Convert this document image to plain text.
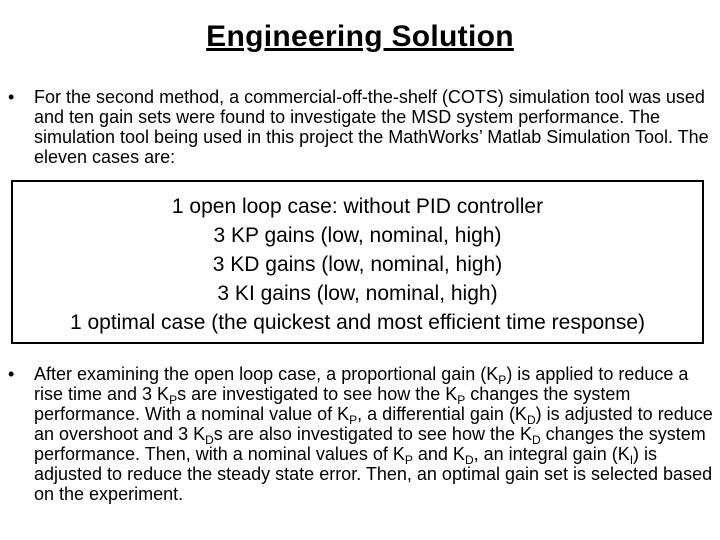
Engineering Solution
• For the second method, a commercial-off-the-shelf (COTS) simulation tool was used and ten gain sets were found to investigate the MSD system performance. The simulation tool being used in this project the MathWorks’ Matlab Simulation Tool. The eleven cases are:
1 open loop case: without PID controller
3 KP gains (low, nominal, high)
3 KD gains (low, nominal, high)
3 KI gains (low, nominal, high)
1 optimal case (the quickest and most efficient time response)
• After examining the open loop case, a proportional gain $(K_P)$ is applied to reduce a rise time and 3 $K_Ps$ are investigated to see how the $K_P$ changes the system performance. With a nominal value of $K_P$, a differential gain $(K_D)$ is adjusted to reduce an overshoot and 3 $K_Ds$ are also investigated to see how the $K_D$ changes the system performance. Then, with a nominal values of $K_P$ and $K_D$, an integral gain $(K_I)$ is adjusted to reduce the steady state error. Then, an optimal gain set is selected based on the experiment.
